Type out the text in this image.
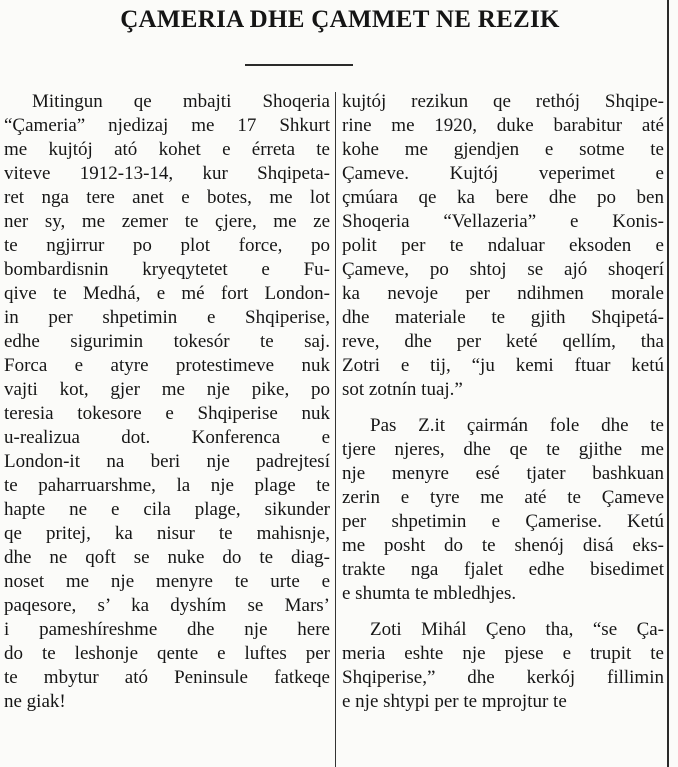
ÇAMERIA DHE ÇAMMET NE REZIK

Mitingun qe mbajti Shoqeria
“Çameria” njedizaj me 17 Shkurt
me kujtój ató kohet e érreta te
viteve 1912-13-14, kur Shqipeta-
ret nga tere anet e botes, me lot
ner sy, me zemer te çjere, me ze
te ngjirrur po plot force, po
bombardisnin kryeqytetet e Fu-
qive te Medhá, e mé fort London-
in per shpetimin e Shqiperise,
edhe sigurimin tokesór te saj.
Forca e atyre protestimeve nuk
vajti kot, gjer me nje pike, po
teresia tokesore e Shqiperise nuk
u-realizua dot. Konferenca e
London-it na beri nje padrejtesí
te paharruarshme, la nje plage te
hapte ne e cila plage, sikunder
qe pritej, ka nisur te mahisnje,
dhe ne qoft se nuke do te diag-
noset me nje menyre te urte e
paqesore, s’ ka dyshím se Mars’
i pameshíreshme dhe nje here
do te leshonje qente e luftes per
te mbytur ató Peninsule fatkeqe
ne giak!

kujtój rezikun qe rethój Shqipe-
rine me 1920, duke barabitur até
kohe me gjendjen e sotme te
Çameve. Kujtój veperimet e
çmúara qe ka bere dhe po ben
Shoqeria “Vellazeria” e Konis-
polit per te ndaluar eksoden e
Çameve, po shtoj se ajó shoqerí
ka nevoje per ndihmen morale
dhe materiale te gjith Shqipetá-
reve, dhe per keté qellím, tha
Zotri e tij, “ju kemi ftuar ketú
sot zotnín tuaj.”

Pas Z.it çairmán fole dhe te
tjere njeres, dhe qe te gjithe me
nje menyre esé tjater bashkuan
zerin e tyre me até te Çameve
per shpetimin e Çamerise. Ketú
me posht do te shenój disá eks-
trakte nga fjalet edhe bisedimet
e shumta te mbledhjes.

Zoti Mihál Çeno tha, “se Ça-
meria eshte nje pjese e trupit te
Shqiperise,” dhe kerkój fillimin
e nje shtypi per te mprojtur te
